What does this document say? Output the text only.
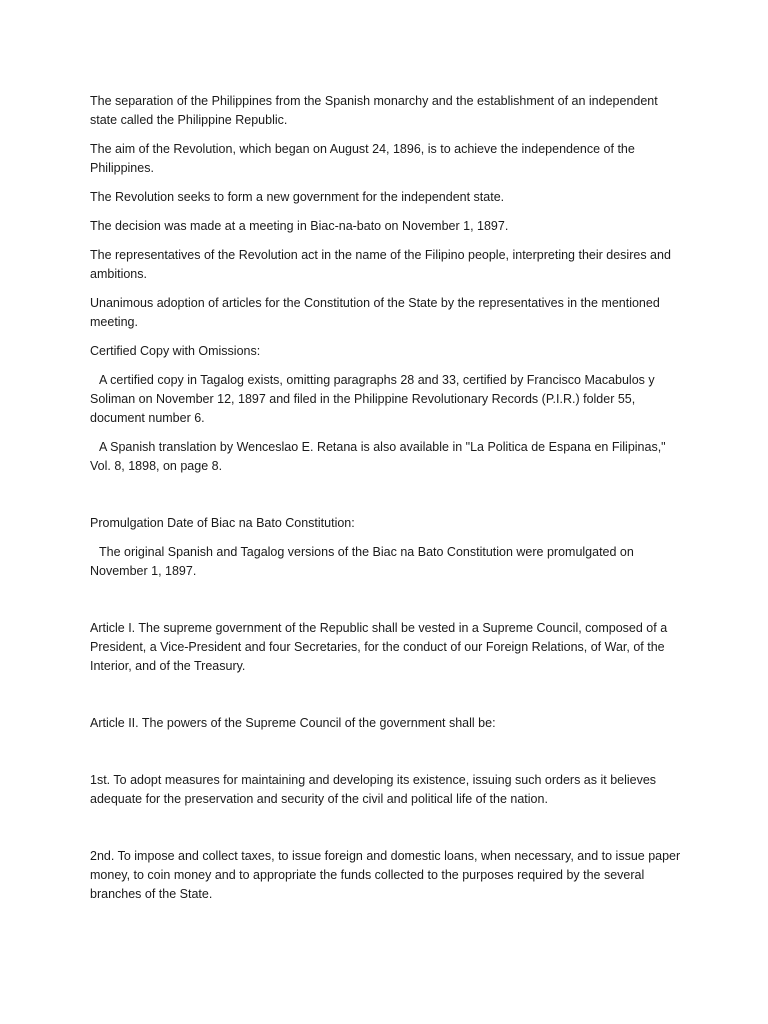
The separation of the Philippines from the Spanish monarchy and the establishment of an independent state called the Philippine Republic.

The aim of the Revolution, which began on August 24, 1896, is to achieve the independence of the Philippines.

The Revolution seeks to form a new government for the independent state.

The decision was made at a meeting in Biac-na-bato on November 1, 1897.

The representatives of the Revolution act in the name of the Filipino people, interpreting their desires and ambitions.

Unanimous adoption of articles for the Constitution of the State by the representatives in the mentioned meeting.

Certified Copy with Omissions:

A certified copy in Tagalog exists, omitting paragraphs 28 and 33, certified by Francisco Macabulos y Soliman on November 12, 1897 and filed in the Philippine Revolutionary Records (P.I.R.) folder 55, document number 6.

A Spanish translation by Wenceslao E. Retana is also available in "La Politica de Espana en Filipinas," Vol. 8, 1898, on page 8.

Promulgation Date of Biac na Bato Constitution:

The original Spanish and Tagalog versions of the Biac na Bato Constitution were promulgated on November 1, 1897.

Article I. The supreme government of the Republic shall be vested in a Supreme Council, composed of a President, a Vice-President and four Secretaries, for the conduct of our Foreign Relations, of War, of the Interior, and of the Treasury.

Article II. The powers of the Supreme Council of the government shall be:

1st. To adopt measures for maintaining and developing its existence, issuing such orders as it believes adequate for the preservation and security of the civil and political life of the nation.

2nd. To impose and collect taxes, to issue foreign and domestic loans, when necessary, and to issue paper money, to coin money and to appropriate the funds collected to the purposes required by the several branches of the State.
